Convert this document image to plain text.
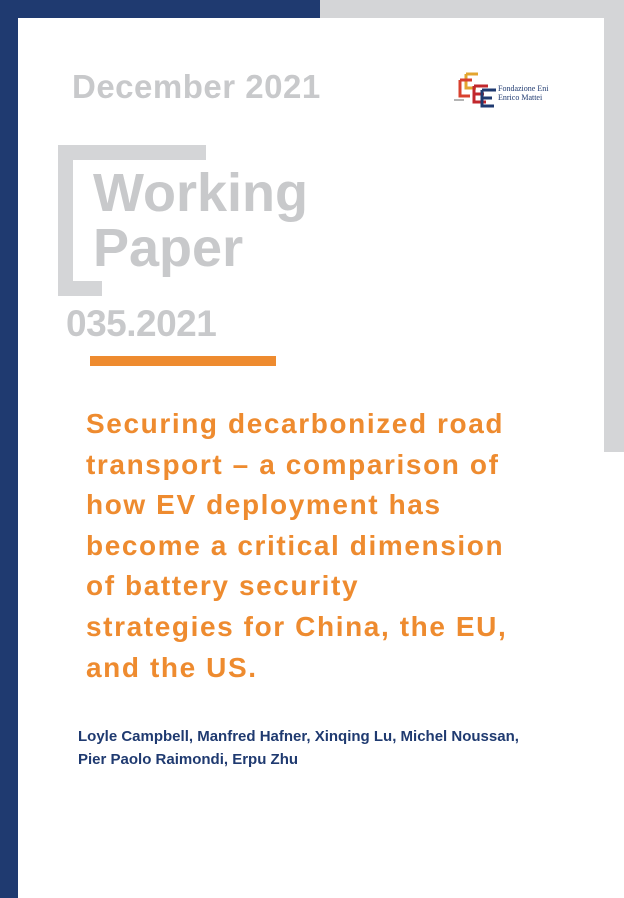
December 2021	Fondazione Eni
Enrico Mattei
Working
Paper
035.2021
Securing decarbonized road
transport – a comparison of
how EV deployment has
become a critical dimension
of battery security
strategies for China, the EU,
and the US.
Loyle Campbell, Manfred Hafner, Xinqing Lu, Michel Noussan,
Pier Paolo Raimondi, Erpu Zhu
